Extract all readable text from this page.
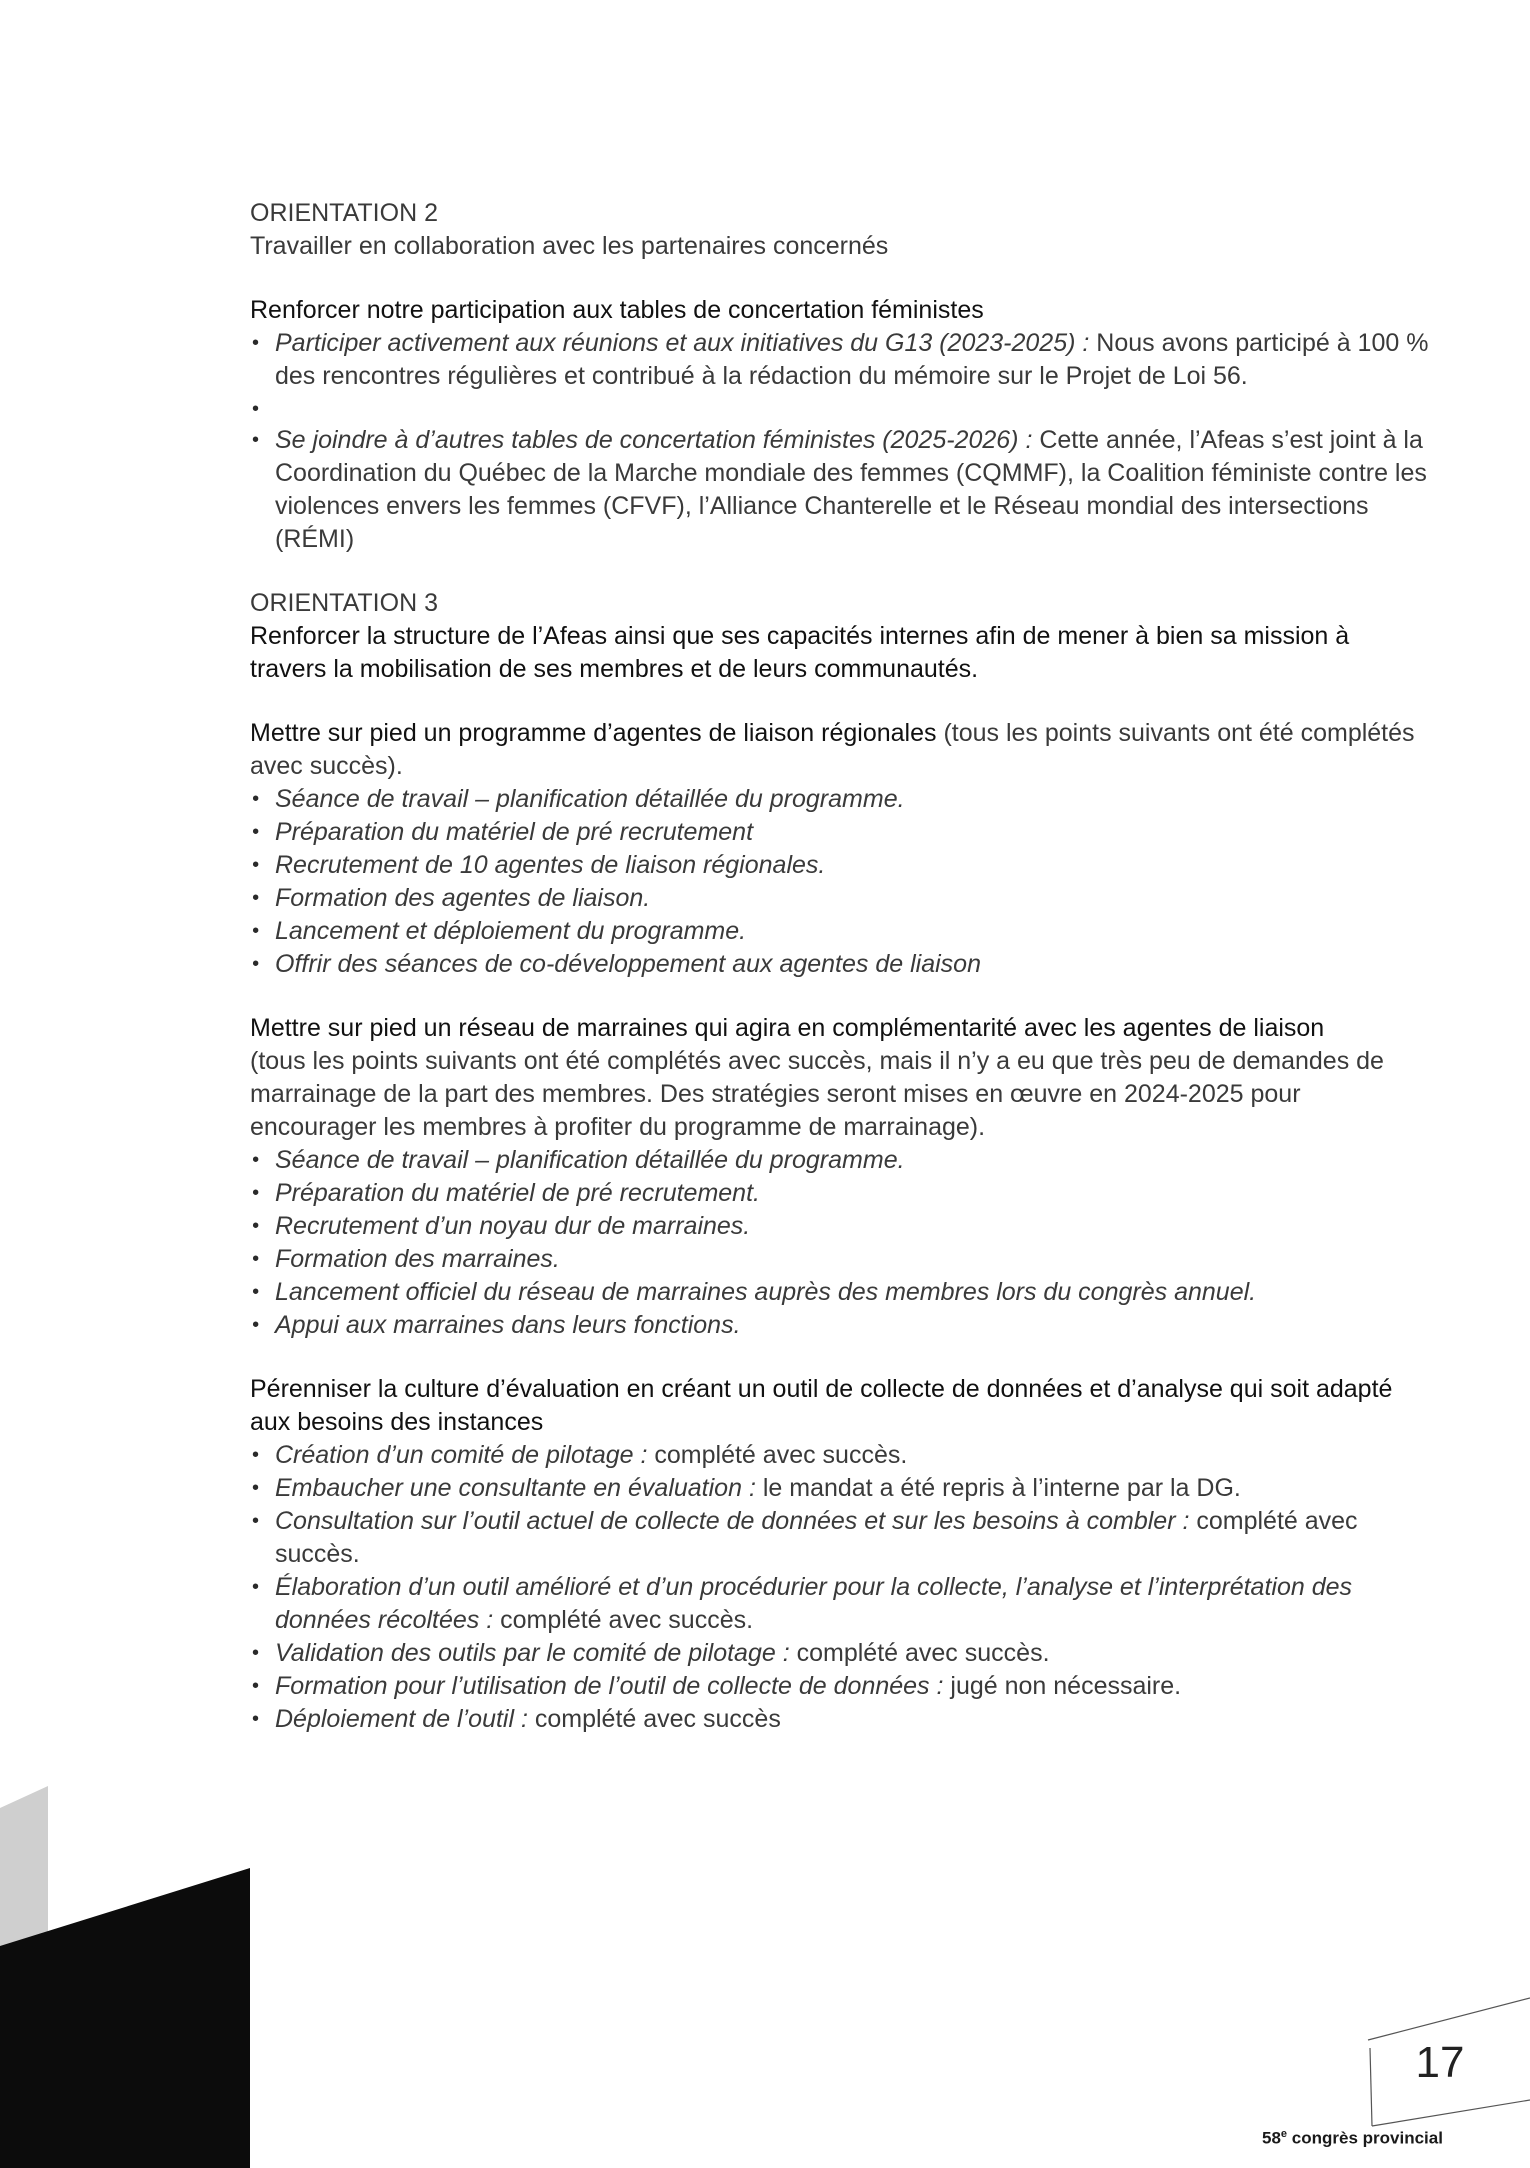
ORIENTATION 2

Travailler en collaboration avec les partenaires concernés

Renforcer notre participation aux tables de concertation féministes

• Participer activement aux réunions et aux initiatives du G13 (2023-2025) : Nous avons participé à 100 % des rencontres régulières et contribué à la rédaction du mémoire sur le Projet de Loi 56.
•
• Se joindre à d’autres tables de concertation féministes (2025-2026) : Cette année, l’Afeas s’est joint à la Coordination du Québec de la Marche mondiale des femmes (CQMMF), la Coalition féministe contre les violences envers les femmes (CFVF), l’Alliance Chanterelle et le Réseau mondial des intersections (RÉMI)

ORIENTATION 3

Renforcer la structure de l’Afeas ainsi que ses capacités internes afin de mener à bien sa mission à travers la mobilisation de ses membres et de leurs communautés.

Mettre sur pied un programme d’agentes de liaison régionales (tous les points suivants ont été complétés avec succès).

• Séance de travail – planification détaillée du programme.
• Préparation du matériel de pré recrutement
• Recrutement de 10 agentes de liaison régionales.
• Formation des agentes de liaison.
• Lancement et déploiement du programme.
• Offrir des séances de co-développement aux agentes de liaison

Mettre sur pied un réseau de marraines qui agira en complémentarité avec les agentes de liaison

(tous les points suivants ont été complétés avec succès, mais il n’y a eu que très peu de demandes de marrainage de la part des membres. Des stratégies seront mises en œuvre en 2024-2025 pour encourager les membres à profiter du programme de marrainage).

• Séance de travail – planification détaillée du programme.
• Préparation du matériel de pré recrutement.
• Recrutement d’un noyau dur de marraines.
• Formation des marraines.
• Lancement officiel du réseau de marraines auprès des membres lors du congrès annuel.
• Appui aux marraines dans leurs fonctions.

Pérenniser la culture d’évaluation en créant un outil de collecte de données et d’analyse qui soit adapté aux besoins des instances

• Création d’un comité de pilotage : complété avec succès.
• Embaucher une consultante en évaluation : le mandat a été repris à l’interne par la DG.
• Consultation sur l’outil actuel de collecte de données et sur les besoins à combler : complété avec succès.
• Élaboration d’un outil amélioré et d’un procédurier pour la collecte, l’analyse et l’interprétation des données récoltées : complété avec succès.
• Validation des outils par le comité de pilotage : complété avec succès.
• Formation pour l’utilisation de l’outil de collecte de données : jugé non nécessaire.
• Déploiement de l’outil : complété avec succès
17
58e congrès provincial
